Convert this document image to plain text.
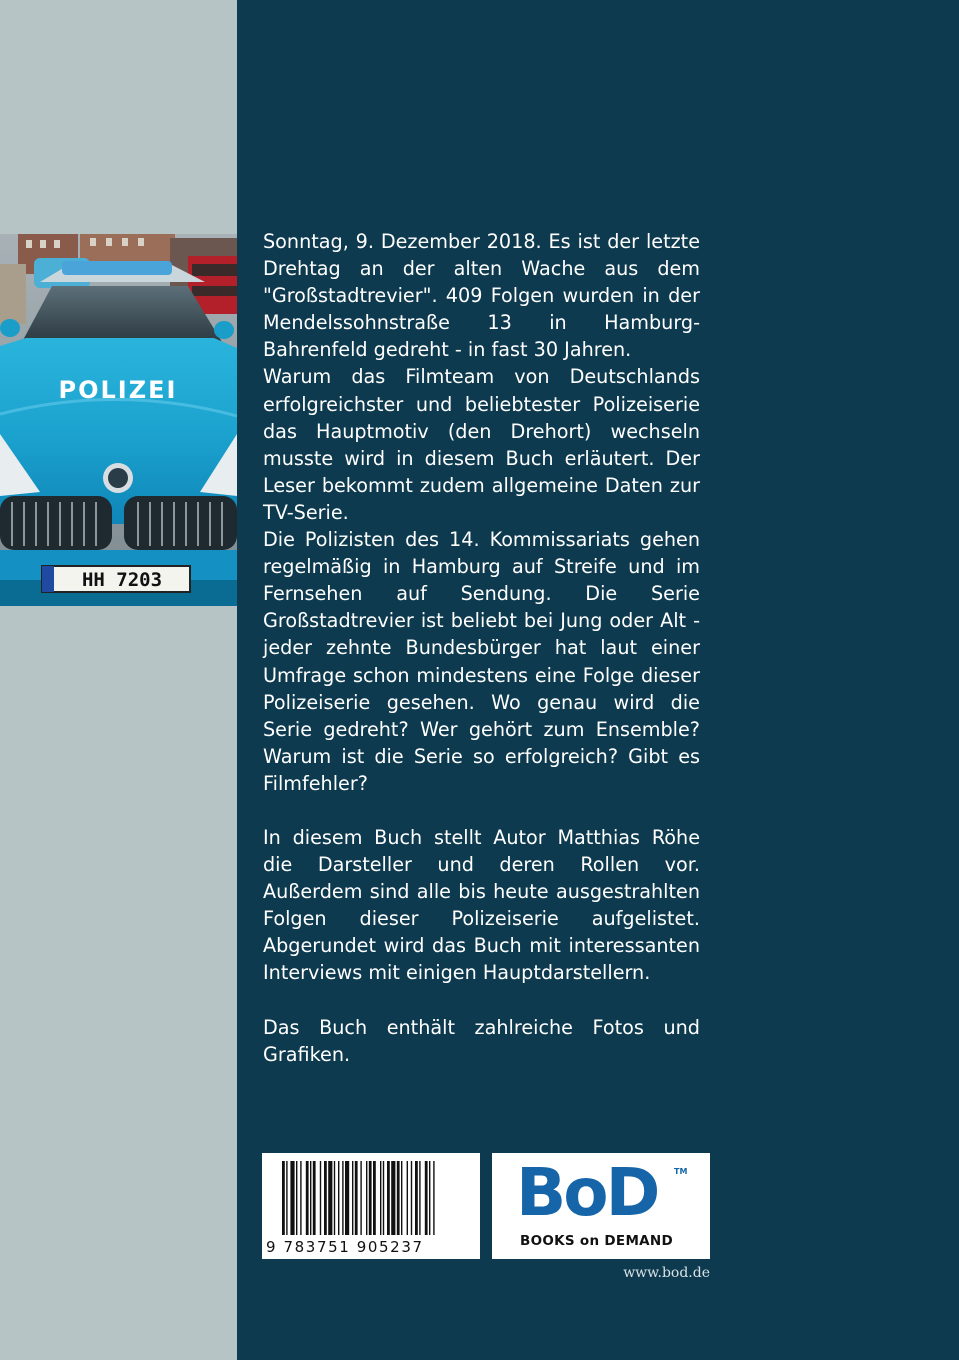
POLIZEI
HH 7203

Sonntag, 9. Dezember 2018. Es ist der letzte Drehtag an der alten Wache aus dem "Großstadtrevier". 409 Folgen wurden in der Mendelssohnstraße 13 in Hamburg-Bahrenfeld gedreht - in fast 30 Jahren.

Warum das Filmteam von Deutschlands erfolgreichster und beliebtester Polizeiserie das Hauptmotiv (den Drehort) wechseln musste wird in diesem Buch erläutert. Der Leser bekommt zudem allgemeine Daten zur TV-Serie.

Die Polizisten des 14. Kommissariats gehen regelmäßig in Hamburg auf Streife und im Fernsehen auf Sendung. Die Serie Großstadtrevier ist beliebt bei Jung oder Alt - jeder zehnte Bundesbürger hat laut einer Umfrage schon mindestens eine Folge dieser Polizeiserie gesehen. Wo genau wird die Serie gedreht? Wer gehört zum Ensemble? Warum ist die Serie so erfolgreich? Gibt es Filmfehler?

In diesem Buch stellt Autor Matthias Röhe die Darsteller und deren Rollen vor. Außerdem sind alle bis heute ausgestrahlten Folgen dieser Polizeiserie aufgelistet. Abgerundet wird das Buch mit interessanten Interviews mit einigen Hauptdarstellern.

Das Buch enthält zahlreiche Fotos und Grafiken.

9 783751 905237
BoD TM
BOOKS on DEMAND
www.bod.de
